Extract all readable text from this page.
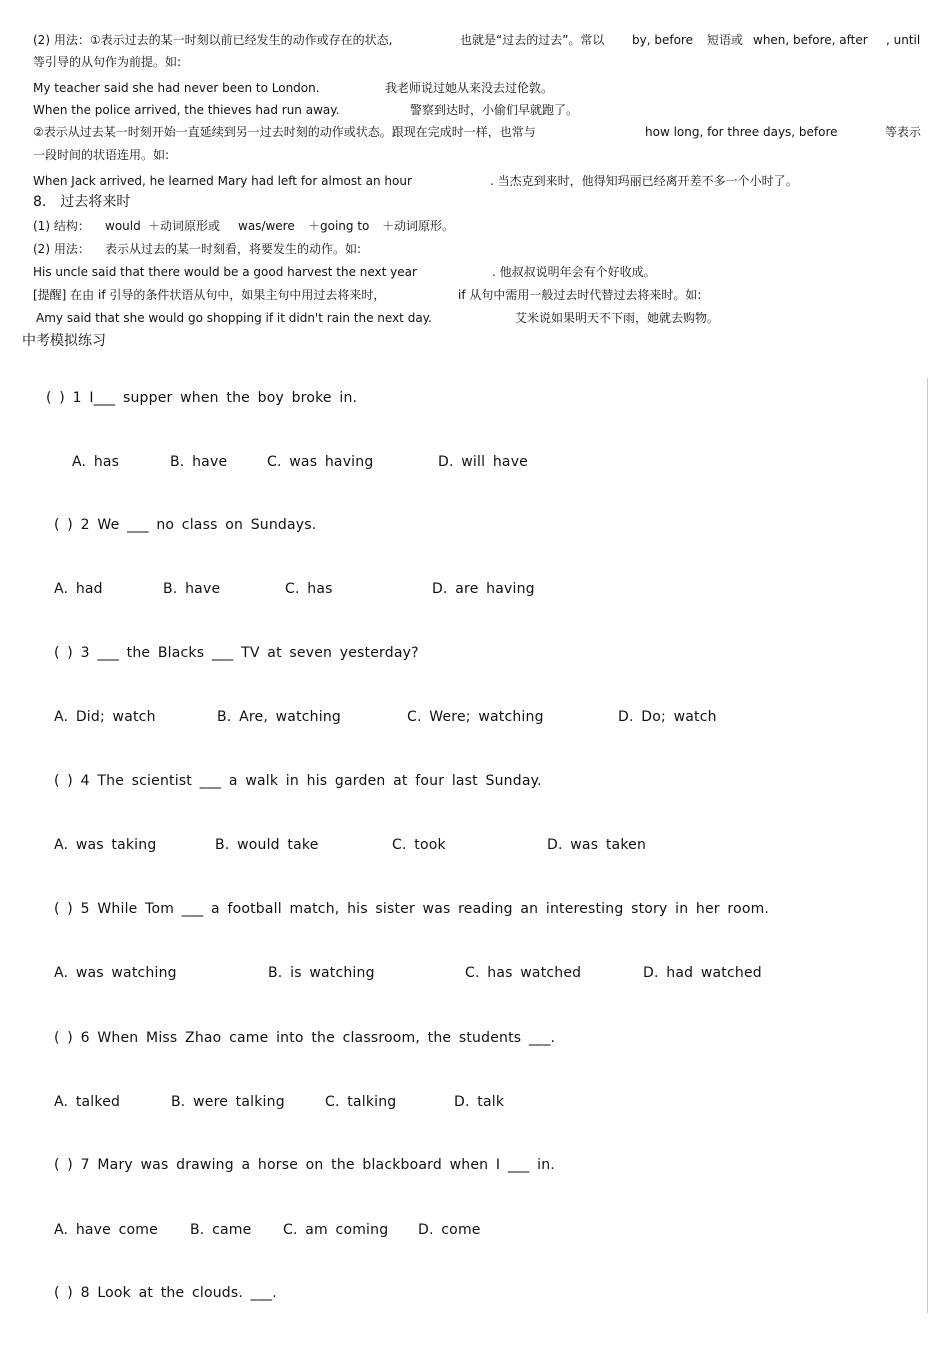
(2) 用法：①表示过去的某一时刻以前已经发生的动作或存在的状态,	也就是“过去的过去”。常以 by, before 短语或 when, before, after , until
等引导的从句作为前提。如:
My teacher said she had never been to London.	我老师说过她从来没去过伦敦。
When the police arrived, the thieves had run away.	警察到达时，小偷们早就跑了。
②表示从过去某一时刻开始一直延续到另一过去时刻的动作或状态。跟现在完成时一样，也常与	how long, for three days, before	等表示
一段时间的状语连用。如:
When Jack arrived, he learned Mary had left for almost an hour	. 当杰克到来时，他得知玛丽已经离开差不多一个小时了。
8． 过去将来时
(1) 结构： would ＋动词原形或 was/were ＋going to ＋动词原形。
(2) 用法： 表示从过去的某一时刻看，将要发生的动作。如:
His uncle said that there would be a good harvest the next year	. 他叔叔说明年会有个好收成。
[提醒] 在由 if 引导的条件状语从句中，如果主句中用过去将来时，	if 从句中需用一般过去时代替过去将来时。如:
Amy said that she would go shopping if it didn't rain the next day.	艾米说如果明天不下雨，她就去购物。
中考模拟练习
( ) 1 I___ supper when the boy broke in.
A. has	B. have	C. was having	D. will have
( ) 2 We ___ no class on Sundays.
A. had	B. have	C. has	D. are having
( ) 3 ___ the Blacks ___ TV at seven yesterday?
A. Did; watch	B. Are, watching	C. Were; watching	D. Do; watch
( ) 4 The scientist ___ a walk in his garden at four last Sunday.
A. was taking	B. would take	C. took	D. was taken
( ) 5 While Tom ___ a football match, his sister was reading an interesting story in her room.
A. was watching	B. is watching	C. has watched	D. had watched
( ) 6 When Miss Zhao came into the classroom, the students ___.
A. talked	B. were talking	C. talking	D. talk
( ) 7 Mary was drawing a horse on the blackboard when I ___ in.
A. have come B. came C. am coming D. come
( ) 8 Look at the clouds. ___.
